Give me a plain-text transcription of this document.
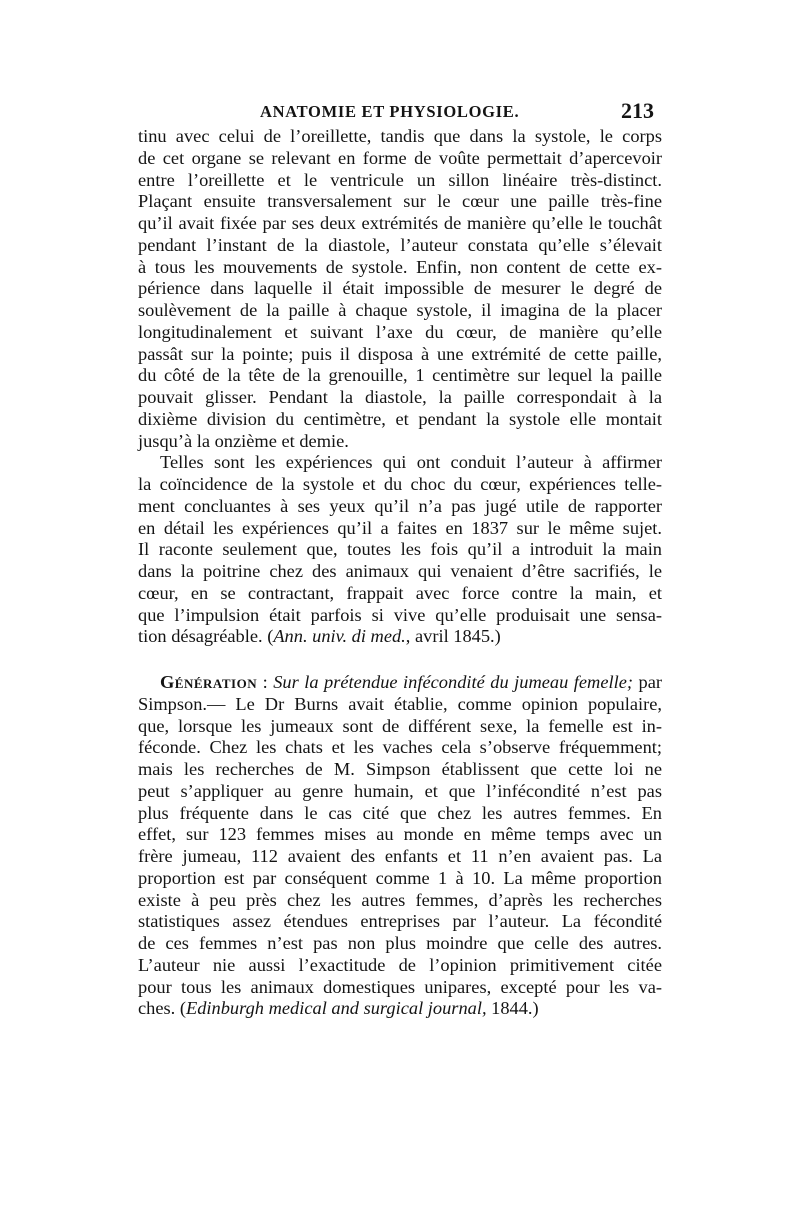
ANATOMIE ET PHYSIOLOGIE.	213
tinu avec celui de l’oreillette, tandis que dans la systole, le corps
de cet organe se relevant en forme de voûte permettait d’apercevoir
entre l’oreillette et le ventricule un sillon linéaire très-distinct.
Plaçant ensuite transversalement sur le cœur une paille très-fine
qu’il avait fixée par ses deux extrémités de manière qu’elle le touchât
pendant l’instant de la diastole, l’auteur constata qu’elle s’élevait
à tous les mouvements de systole. Enfin, non content de cette ex-
périence dans laquelle il était impossible de mesurer le degré de
soulèvement de la paille à chaque systole, il imagina de la placer
longitudinalement et suivant l’axe du cœur, de manière qu’elle
passât sur la pointe; puis il disposa à une extrémité de cette paille,
du côté de la tête de la grenouille, 1 centimètre sur lequel la paille
pouvait glisser. Pendant la diastole, la paille correspondait à la
dixième division du centimètre, et pendant la systole elle montait
jusqu’à la onzième et demie.
Telles sont les expériences qui ont conduit l’auteur à affirmer
la coïncidence de la systole et du choc du cœur, expériences telle-
ment concluantes à ses yeux qu’il n’a pas jugé utile de rapporter
en détail les expériences qu’il a faites en 1837 sur le même sujet.
Il raconte seulement que, toutes les fois qu’il a introduit la main
dans la poitrine chez des animaux qui venaient d’être sacrifiés, le
cœur, en se contractant, frappait avec force contre la main, et
que l’impulsion était parfois si vive qu’elle produisait une sensa-
tion désagréable. (Ann. univ. di med., avril 1845.)
Génération : Sur la prétendue infécondité du jumeau femelle; par
Simpson.— Le Dr Burns avait établie, comme opinion populaire,
que, lorsque les jumeaux sont de différent sexe, la femelle est in-
féconde. Chez les chats et les vaches cela s’observe fréquemment;
mais les recherches de M. Simpson établissent que cette loi ne
peut s’appliquer au genre humain, et que l’infécondité n’est pas
plus fréquente dans le cas cité que chez les autres femmes. En
effet, sur 123 femmes mises au monde en même temps avec un
frère jumeau, 112 avaient des enfants et 11 n’en avaient pas. La
proportion est par conséquent comme 1 à 10. La même proportion
existe à peu près chez les autres femmes, d’après les recherches
statistiques assez étendues entreprises par l’auteur. La fécondité
de ces femmes n’est pas non plus moindre que celle des autres.
L’auteur nie aussi l’exactitude de l’opinion primitivement citée
pour tous les animaux domestiques unipares, excepté pour les va-
ches. (Edinburgh medical and surgical journal, 1844.)
